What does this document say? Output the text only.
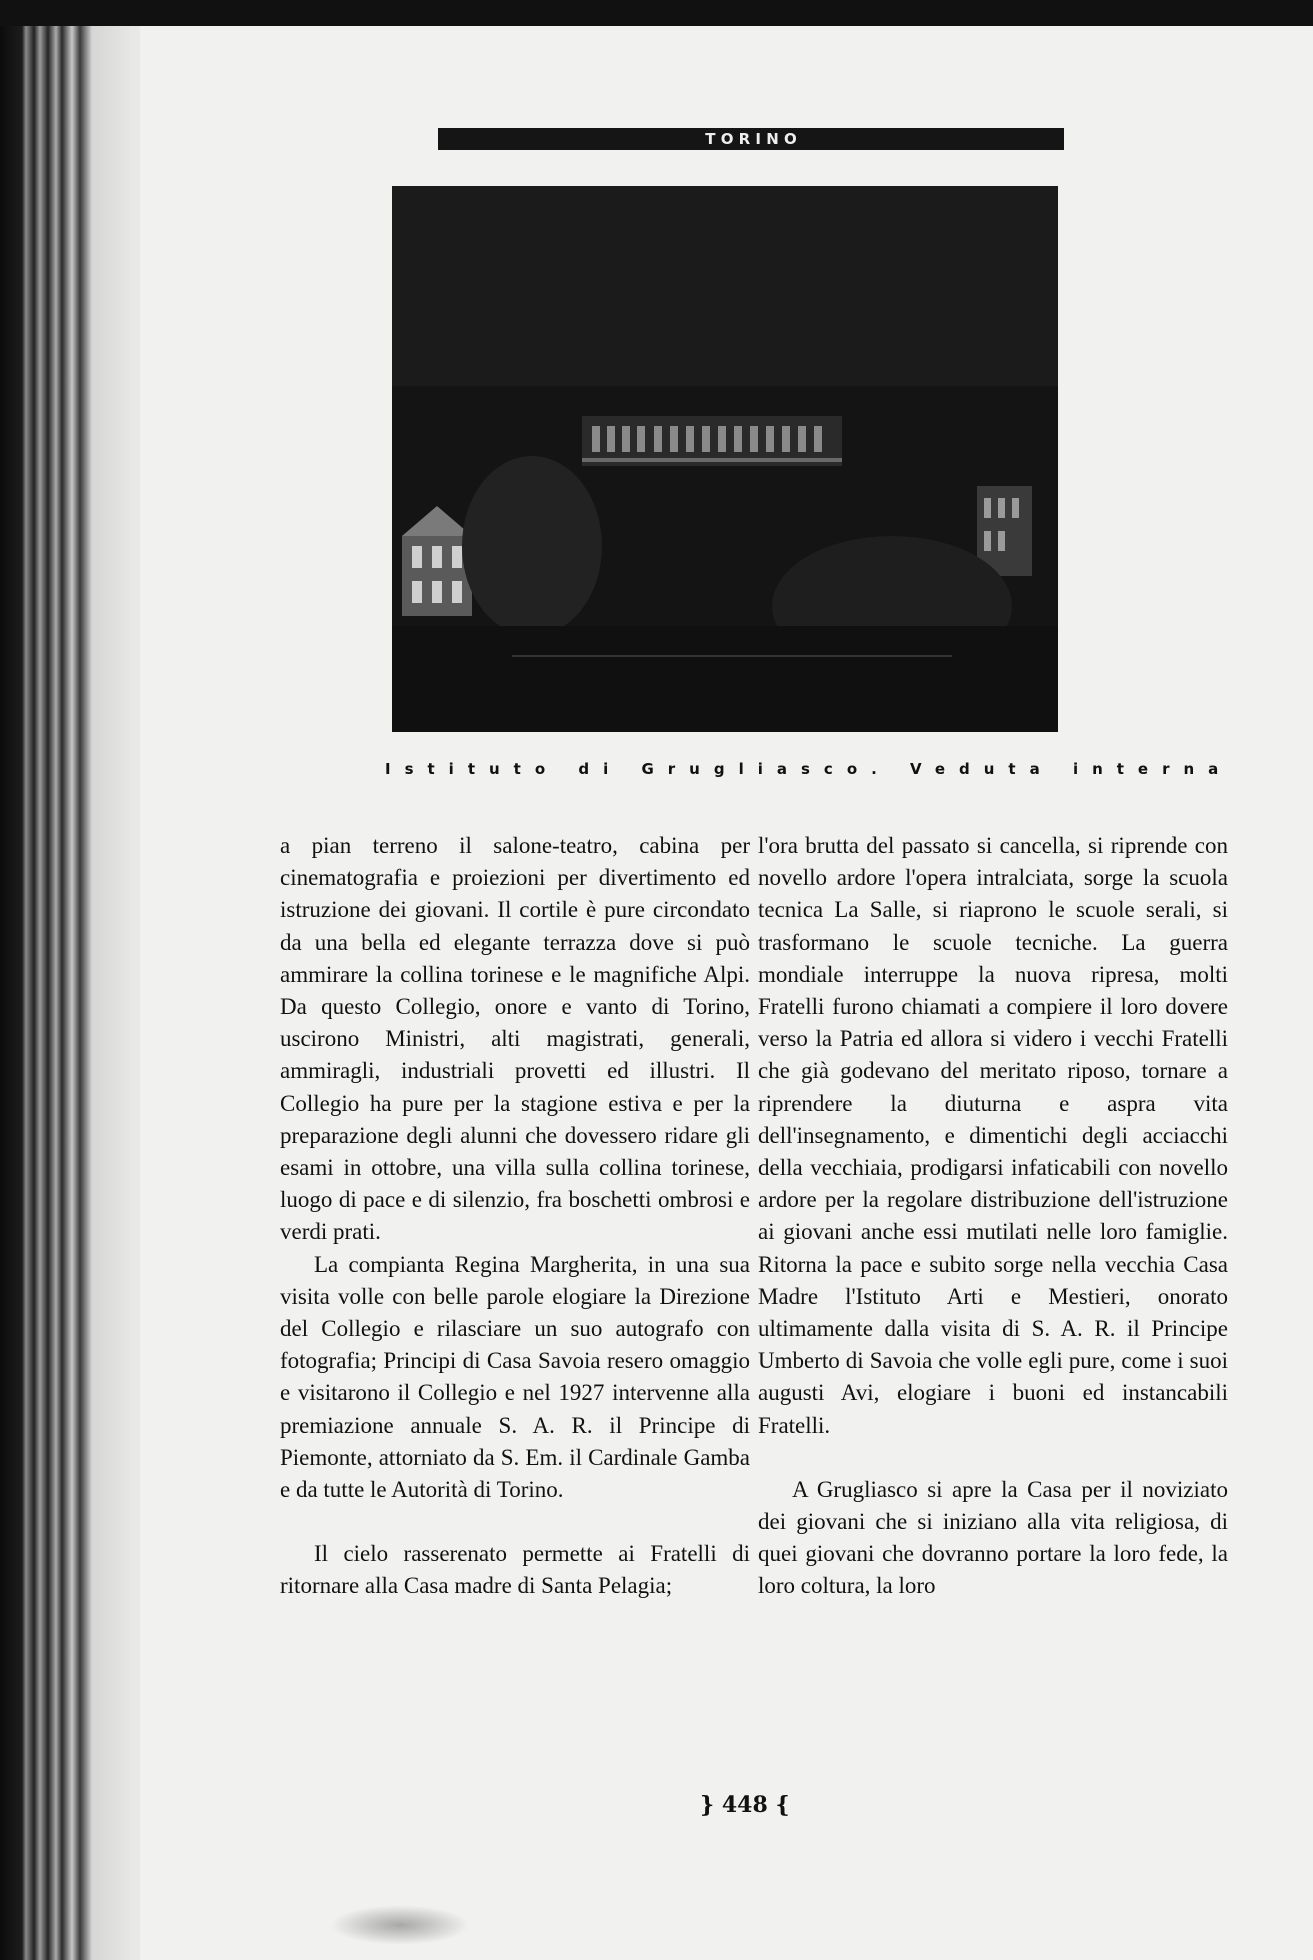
T O R I N O
Istituto di Grugliasco. Veduta interna

a pian terreno il salone-teatro, cabina per cinematografia e proiezioni per divertimento ed istruzione dei giovani. Il cortile è pure circondato da una bella ed elegante terrazza dove si può ammirare la collina torinese e le magnifiche Alpi. Da questo Collegio, onore e vanto di Torino, uscirono Ministri, alti magistrati, generali, ammiragli, industriali provetti ed illustri. Il Collegio ha pure per la stagione estiva e per la preparazione degli alunni che dovessero ridare gli esami in ottobre, una villa sulla collina torinese, luogo di pace e di silenzio, fra boschetti ombrosi e verdi prati.

La compianta Regina Margherita, in una sua visita volle con belle parole elogiare la Direzione del Collegio e rilasciare un suo autografo con fotografia; Principi di Casa Savoia resero omaggio e visitarono il Collegio e nel 1927 intervenne alla premiazione annuale S. A. R. il Principe di Piemonte, attorniato da S. Em. il Cardinale Gamba e da tutte le Autorità di Torino.

Il cielo rasserenato permette ai Fratelli di ritornare alla Casa madre di Santa Pelagia;

l'ora brutta del passato si cancella, si riprende con novello ardore l'opera intralciata, sorge la scuola tecnica La Salle, si riaprono le scuole serali, si trasformano le scuole tecniche. La guerra mondiale interruppe la nuova ripresa, molti Fratelli furono chiamati a compiere il loro dovere verso la Patria ed allora si videro i vecchi Fratelli che già godevano del meritato riposo, tornare a riprendere la diuturna e aspra vita dell'insegnamento, e dimentichi degli acciacchi della vecchiaia, prodigarsi infaticabili con novello ardore per la regolare distribuzione dell'istruzione ai giovani anche essi mutilati nelle loro famiglie. Ritorna la pace e subito sorge nella vecchia Casa Madre l'Istituto Arti e Mestieri, onorato ultimamente dalla visita di S. A. R. il Principe Umberto di Savoia che volle egli pure, come i suoi augusti Avi, elogiare i buoni ed instancabili Fratelli.

A Grugliasco si apre la Casa per il noviziato dei giovani che si iniziano alla vita religiosa, di quei giovani che dovranno portare la loro fede, la loro coltura, la loro

} 448 {
